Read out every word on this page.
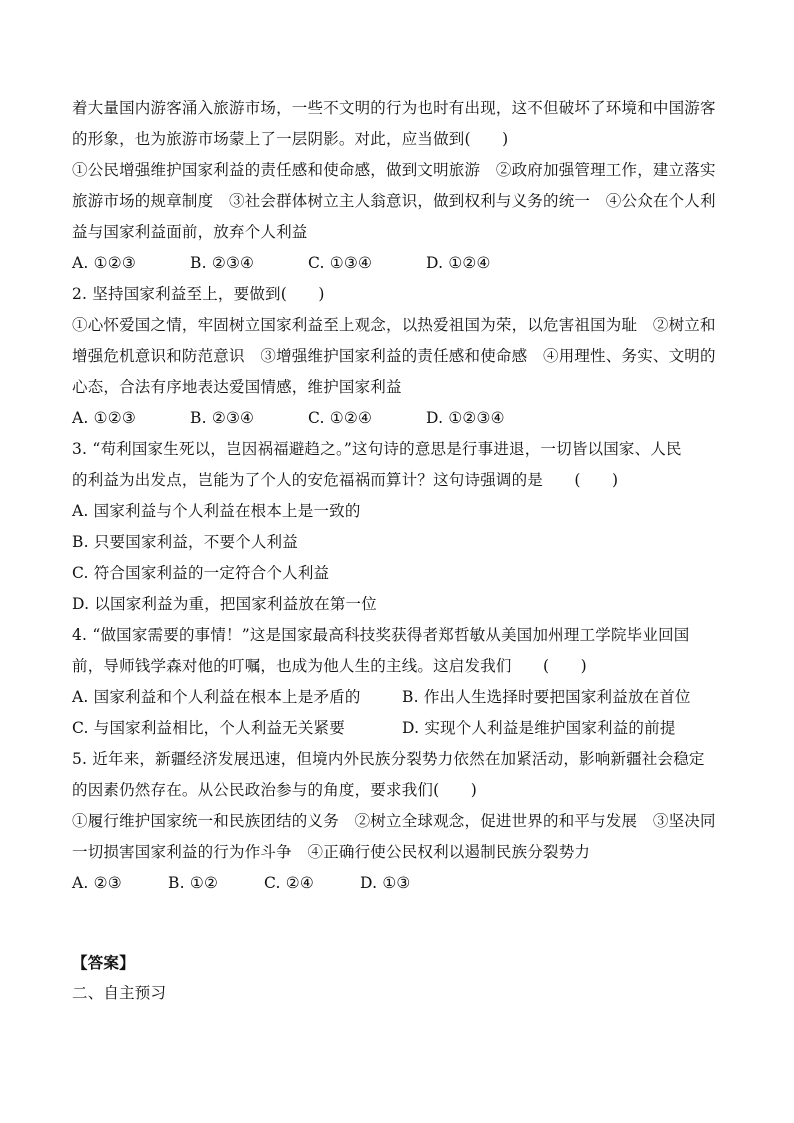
着大量国内游客涌入旅游市场，一些不文明的行为也时有出现，这不但破坏了环境和中国游客
的形象，也为旅游市场蒙上了一层阴影。对此，应当做到(　　)
①公民增强维护国家利益的责任感和使命感，做到文明旅游　②政府加强管理工作，建立落实
旅游市场的规章制度　③社会群体树立主人翁意识，做到权利与义务的统一　④公众在个人利
益与国家利益面前，放弃个人利益
A. ①②③	B. ②③④	C. ①③④	D. ①②④
2. 坚持国家利益至上，要做到(　　)
①心怀爱国之情，牢固树立国家利益至上观念，以热爱祖国为荣，以危害祖国为耻　②树立和
增强危机意识和防范意识　③增强维护国家利益的责任感和使命感　④用理性、务实、文明的
心态，合法有序地表达爱国情感，维护国家利益
A. ①②③	B. ②③④	C. ①②④	D. ①②③④
3. “苟利国家生死以，岂因祸福避趋之。”这句诗的意思是行事进退，一切皆以国家、人民
的利益为出发点，岂能为了个人的安危福祸而算计？这句诗强调的是　　(　　)
A. 国家利益与个人利益在根本上是一致的
B. 只要国家利益，不要个人利益
C. 符合国家利益的一定符合个人利益
D. 以国家利益为重，把国家利益放在第一位
4. “做国家需要的事情！”这是国家最高科技奖获得者郑哲敏从美国加州理工学院毕业回国
前，导师钱学森对他的叮嘱，也成为他人生的主线。这启发我们　　(　　)
A. 国家利益和个人利益在根本上是矛盾的	B. 作出人生选择时要把国家利益放在首位
C. 与国家利益相比，个人利益无关紧要	D. 实现个人利益是维护国家利益的前提
5. 近年来，新疆经济发展迅速，但境内外民族分裂势力依然在加紧活动，影响新疆社会稳定
的因素仍然存在。从公民政治参与的角度，要求我们(　　)
①履行维护国家统一和民族团结的义务　②树立全球观念，促进世界的和平与发展　③坚决同
一切损害国家利益的行为作斗争　④正确行使公民权利以遏制民族分裂势力
A. ②③	B. ①②	C. ②④	D. ①③
【答案】
二、自主预习
